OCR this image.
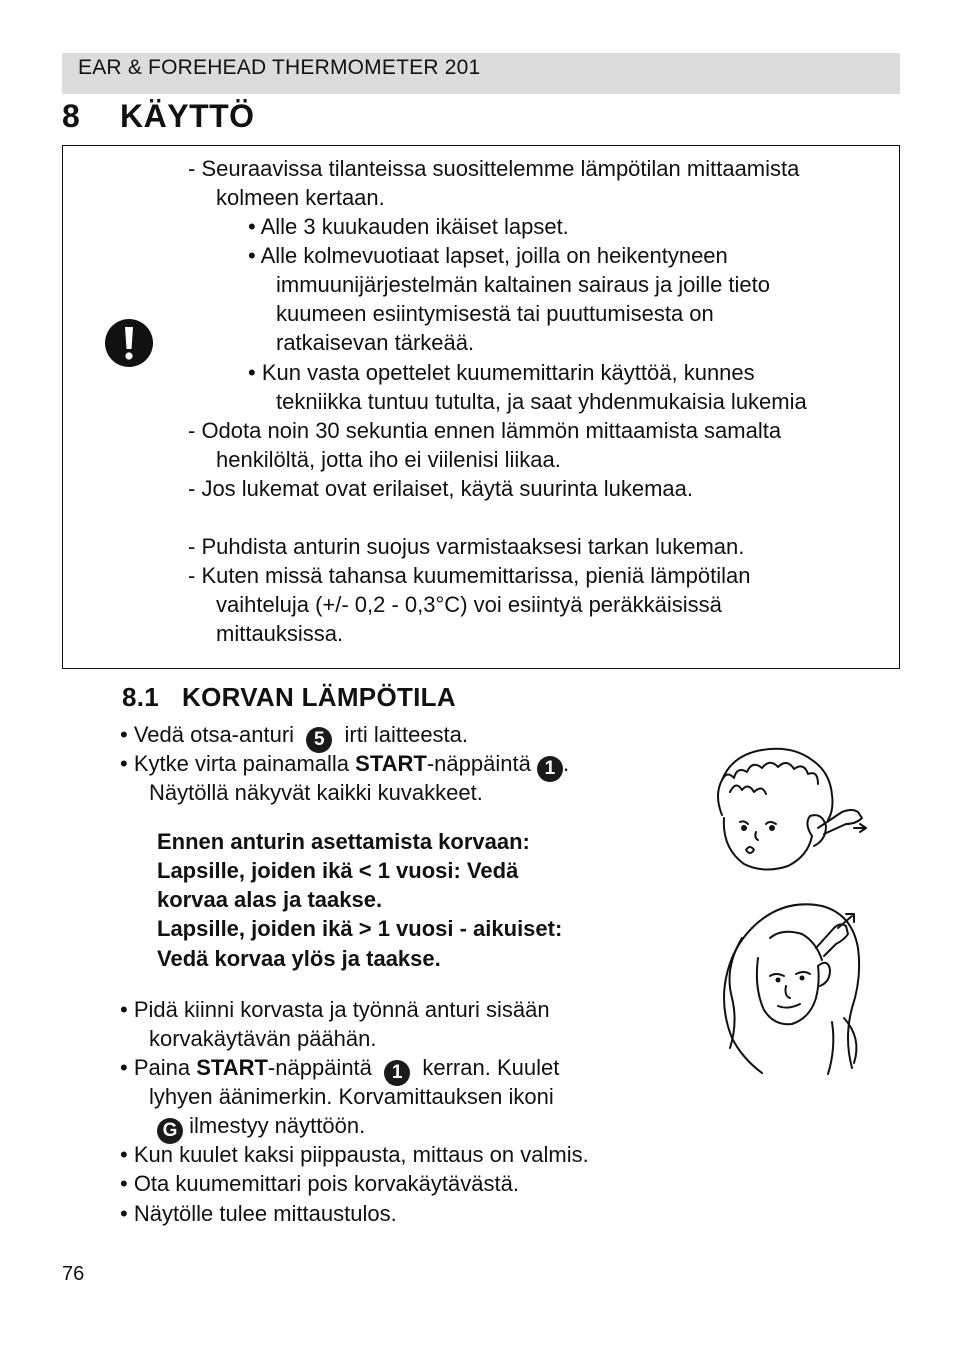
EAR & FOREHEAD THERMOMETER 201
8 KÄYTTÖ
- Seuraavissa tilanteissa suosittelemme lämpötilan mittaamista
kolmeen kertaan.
• Alle 3 kuukauden ikäiset lapset.
• Alle kolmevuotiaat lapset, joilla on heikentyneen
immuunijärjestelmän kaltainen sairaus ja joille tieto
kuumeen esiintymisestä tai puuttumisesta on
ratkaisevan tärkeää.
• Kun vasta opettelet kuumemittarin käyttöä, kunnes
tekniikka tuntuu tutulta, ja saat yhdenmukaisia lukemia
- Odota noin 30 sekuntia ennen lämmön mittaamista samalta
henkilöltä, jotta iho ei viilenisi liikaa.
- Jos lukemat ovat erilaiset, käytä suurinta lukemaa.
- Puhdista anturin suojus varmistaaksesi tarkan lukeman.
- Kuten missä tahansa kuumemittarissa, pieniä lämpötilan
vaihteluja (+/- 0,2 - 0,3°C) voi esiintyä peräkkäisissä
mittauksissa.
8.1 KORVAN LÄMPÖTILA
• Vedä otsa-anturi 5 irti laitteesta.
• Kytke virta painamalla START-näppäintä 1 .
Näytöllä näkyvät kaikki kuvakkeet.
Ennen anturin asettamista korvaan:
Lapsille, joiden ikä < 1 vuosi: Vedä
korvaa alas ja taakse.
Lapsille, joiden ikä > 1 vuosi - aikuiset:
Vedä korvaa ylös ja taakse.
• Pidä kiinni korvasta ja työnnä anturi sisään
korvakäytävän päähän.
• Paina START-näppäintä 1 kerran. Kuulet
lyhyen äänimerkin. Korvamittauksen ikoni
G ilmestyy näyttöön.
• Kun kuulet kaksi piippausta, mittaus on valmis.
• Ota kuumemittari pois korvakäytävästä.
• Näytölle tulee mittaustulos.
76
